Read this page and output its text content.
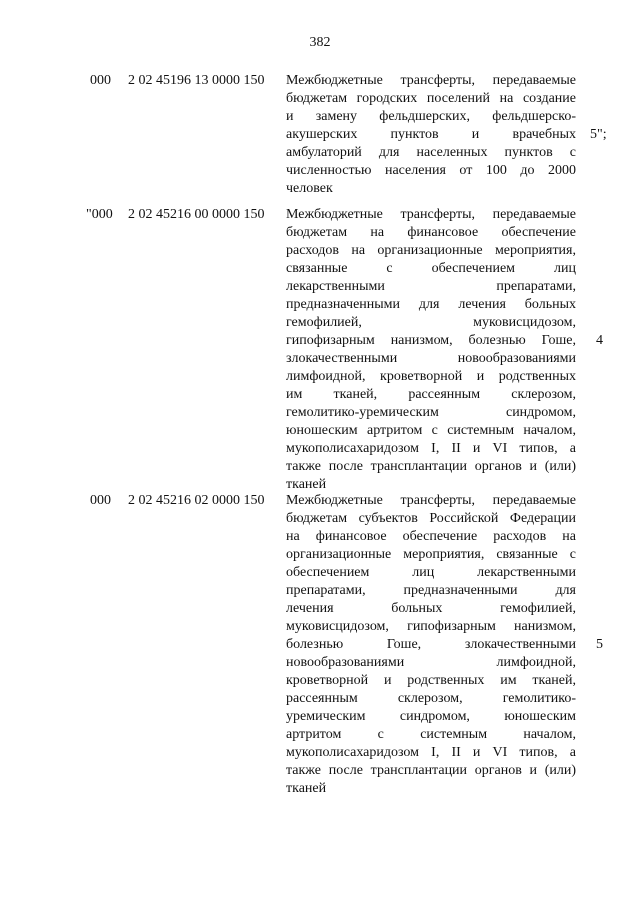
382
000 2 02 45196 13 0000 150 Межбюджетные трансферты, передаваемые
бюджетам городских поселений на создание
и замену фельдшерских, фельдшерско-
акушерских пунктов и врачебных
амбулаторий для населенных пунктов с
численностью населения от 100 до 2000
человек
5";
"000 2 02 45216 00 0000 150 Межбюджетные трансферты, передаваемые
бюджетам на финансовое обеспечение
расходов на организационные мероприятия,
связанные с обеспечением лиц
лекарственными препаратами,
предназначенными для лечения больных
гемофилией, муковисцидозом,
гипофизарным нанизмом, болезнью Гоше,
злокачественными новообразованиями
лимфоидной, кроветворной и родственных
им тканей, рассеянным склерозом,
гемолитико-уремическим синдромом,
юношеским артритом с системным началом,
мукополисахаридозом I, II и VI типов, а
также после трансплантации органов и (или)
тканей
4
000 2 02 45216 02 0000 150 Межбюджетные трансферты, передаваемые
бюджетам субъектов Российской Федерации
на финансовое обеспечение расходов на
организационные мероприятия, связанные с
обеспечением лиц лекарственными
препаратами, предназначенными для
лечения больных гемофилией,
муковисцидозом, гипофизарным нанизмом,
болезнью Гоше, злокачественными
новообразованиями лимфоидной,
кроветворной и родственных им тканей,
рассеянным склерозом, гемолитико-
уремическим синдромом, юношеским
артритом с системным началом,
мукополисахаридозом I, II и VI типов, а
также после трансплантации органов и (или)
тканей
5
